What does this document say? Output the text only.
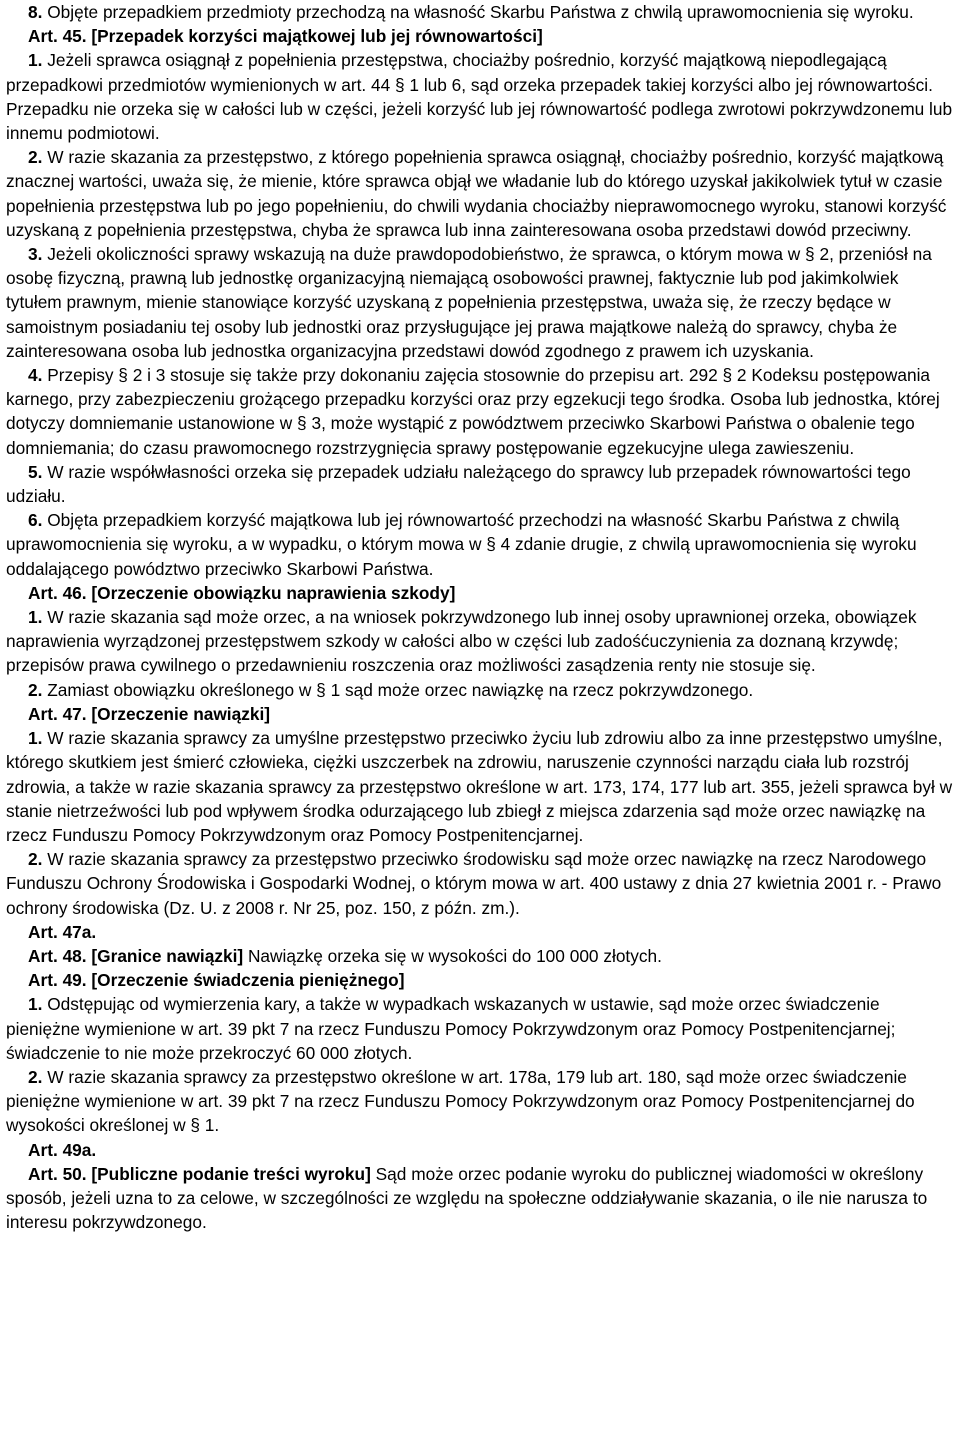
8. Objęte przepadkiem przedmioty przechodzą na własność Skarbu Państwa z chwilą uprawomocnienia się wyroku.

Art. 45. [Przepadek korzyści majątkowej lub jej równowartości]

1. Jeżeli sprawca osiągnął z popełnienia przestępstwa, chociażby pośrednio, korzyść majątkową niepodlegającą przepadkowi przedmiotów wymienionych w art. 44 § 1 lub 6, sąd orzeka przepadek takiej korzyści albo jej równowartości. Przepadku nie orzeka się w całości lub w części, jeżeli korzyść lub jej równowartość podlega zwrotowi pokrzywdzonemu lub innemu podmiotowi.

2. W razie skazania za przestępstwo, z którego popełnienia sprawca osiągnął, chociażby pośrednio, korzyść majątkową znacznej wartości, uważa się, że mienie, które sprawca objął we władanie lub do którego uzyskał jakikolwiek tytuł w czasie popełnienia przestępstwa lub po jego popełnieniu, do chwili wydania chociażby nieprawomocnego wyroku, stanowi korzyść uzyskaną z popełnienia przestępstwa, chyba że sprawca lub inna zainteresowana osoba przedstawi dowód przeciwny.

3. Jeżeli okoliczności sprawy wskazują na duże prawdopodobieństwo, że sprawca, o którym mowa w § 2, przeniósł na osobę fizyczną, prawną lub jednostkę organizacyjną niemającą osobowości prawnej, faktycznie lub pod jakimkolwiek tytułem prawnym, mienie stanowiące korzyść uzyskaną z popełnienia przestępstwa, uważa się, że rzeczy będące w samoistnym posiadaniu tej osoby lub jednostki oraz przysługujące jej prawa majątkowe należą do sprawcy, chyba że zainteresowana osoba lub jednostka organizacyjna przedstawi dowód zgodnego z prawem ich uzyskania.

4. Przepisy § 2 i 3 stosuje się także przy dokonaniu zajęcia stosownie do przepisu art. 292 § 2 Kodeksu postępowania karnego, przy zabezpieczeniu grożącego przepadku korzyści oraz przy egzekucji tego środka. Osoba lub jednostka, której dotyczy domniemanie ustanowione w § 3, może wystąpić z powództwem przeciwko Skarbowi Państwa o obalenie tego domniemania; do czasu prawomocnego rozstrzygnięcia sprawy postępowanie egzekucyjne ulega zawieszeniu.

5. W razie współwłasności orzeka się przepadek udziału należącego do sprawcy lub przepadek równowartości tego udziału.

6. Objęta przepadkiem korzyść majątkowa lub jej równowartość przechodzi na własność Skarbu Państwa z chwilą uprawomocnienia się wyroku, a w wypadku, o którym mowa w § 4 zdanie drugie, z chwilą uprawomocnienia się wyroku oddalającego powództwo przeciwko Skarbowi Państwa.

Art. 46. [Orzeczenie obowiązku naprawienia szkody]

1. W razie skazania sąd może orzec, a na wniosek pokrzywdzonego lub innej osoby uprawnionej orzeka, obowiązek naprawienia wyrządzonej przestępstwem szkody w całości albo w części lub zadośćuczynienia za doznaną krzywdę; przepisów prawa cywilnego o przedawnieniu roszczenia oraz możliwości zasądzenia renty nie stosuje się.

2. Zamiast obowiązku określonego w § 1 sąd może orzec nawiązkę na rzecz pokrzywdzonego.

Art. 47. [Orzeczenie nawiązki]

1. W razie skazania sprawcy za umyślne przestępstwo przeciwko życiu lub zdrowiu albo za inne przestępstwo umyślne, którego skutkiem jest śmierć człowieka, ciężki uszczerbek na zdrowiu, naruszenie czynności narządu ciała lub rozstrój zdrowia, a także w razie skazania sprawcy za przestępstwo określone w art. 173, 174, 177 lub art. 355, jeżeli sprawca był w stanie nietrzeźwości lub pod wpływem środka odurzającego lub zbiegł z miejsca zdarzenia sąd może orzec nawiązkę na rzecz Funduszu Pomocy Pokrzywdzonym oraz Pomocy Postpenitencjarnej.

2. W razie skazania sprawcy za przestępstwo przeciwko środowisku sąd może orzec nawiązkę na rzecz Narodowego Funduszu Ochrony Środowiska i Gospodarki Wodnej, o którym mowa w art. 400 ustawy z dnia 27 kwietnia 2001 r. - Prawo ochrony środowiska (Dz. U. z 2008 r. Nr 25, poz. 150, z późn. zm.).

Art. 47a.

Art. 48. [Granice nawiązki] Nawiązkę orzeka się w wysokości do 100 000 złotych.

Art. 49. [Orzeczenie świadczenia pieniężnego]

1. Odstępując od wymierzenia kary, a także w wypadkach wskazanych w ustawie, sąd może orzec świadczenie pieniężne wymienione w art. 39 pkt 7 na rzecz Funduszu Pomocy Pokrzywdzonym oraz Pomocy Postpenitencjarnej; świadczenie to nie może przekroczyć 60 000 złotych.

2. W razie skazania sprawcy za przestępstwo określone w art. 178a, 179 lub art. 180, sąd może orzec świadczenie pieniężne wymienione w art. 39 pkt 7 na rzecz Funduszu Pomocy Pokrzywdzonym oraz Pomocy Postpenitencjarnej do wysokości określonej w § 1.

Art. 49a.

Art. 50. [Publiczne podanie treści wyroku] Sąd może orzec podanie wyroku do publicznej wiadomości w określony sposób, jeżeli uzna to za celowe, w szczególności ze względu na społeczne oddziaływanie skazania, o ile nie narusza to interesu pokrzywdzonego.
